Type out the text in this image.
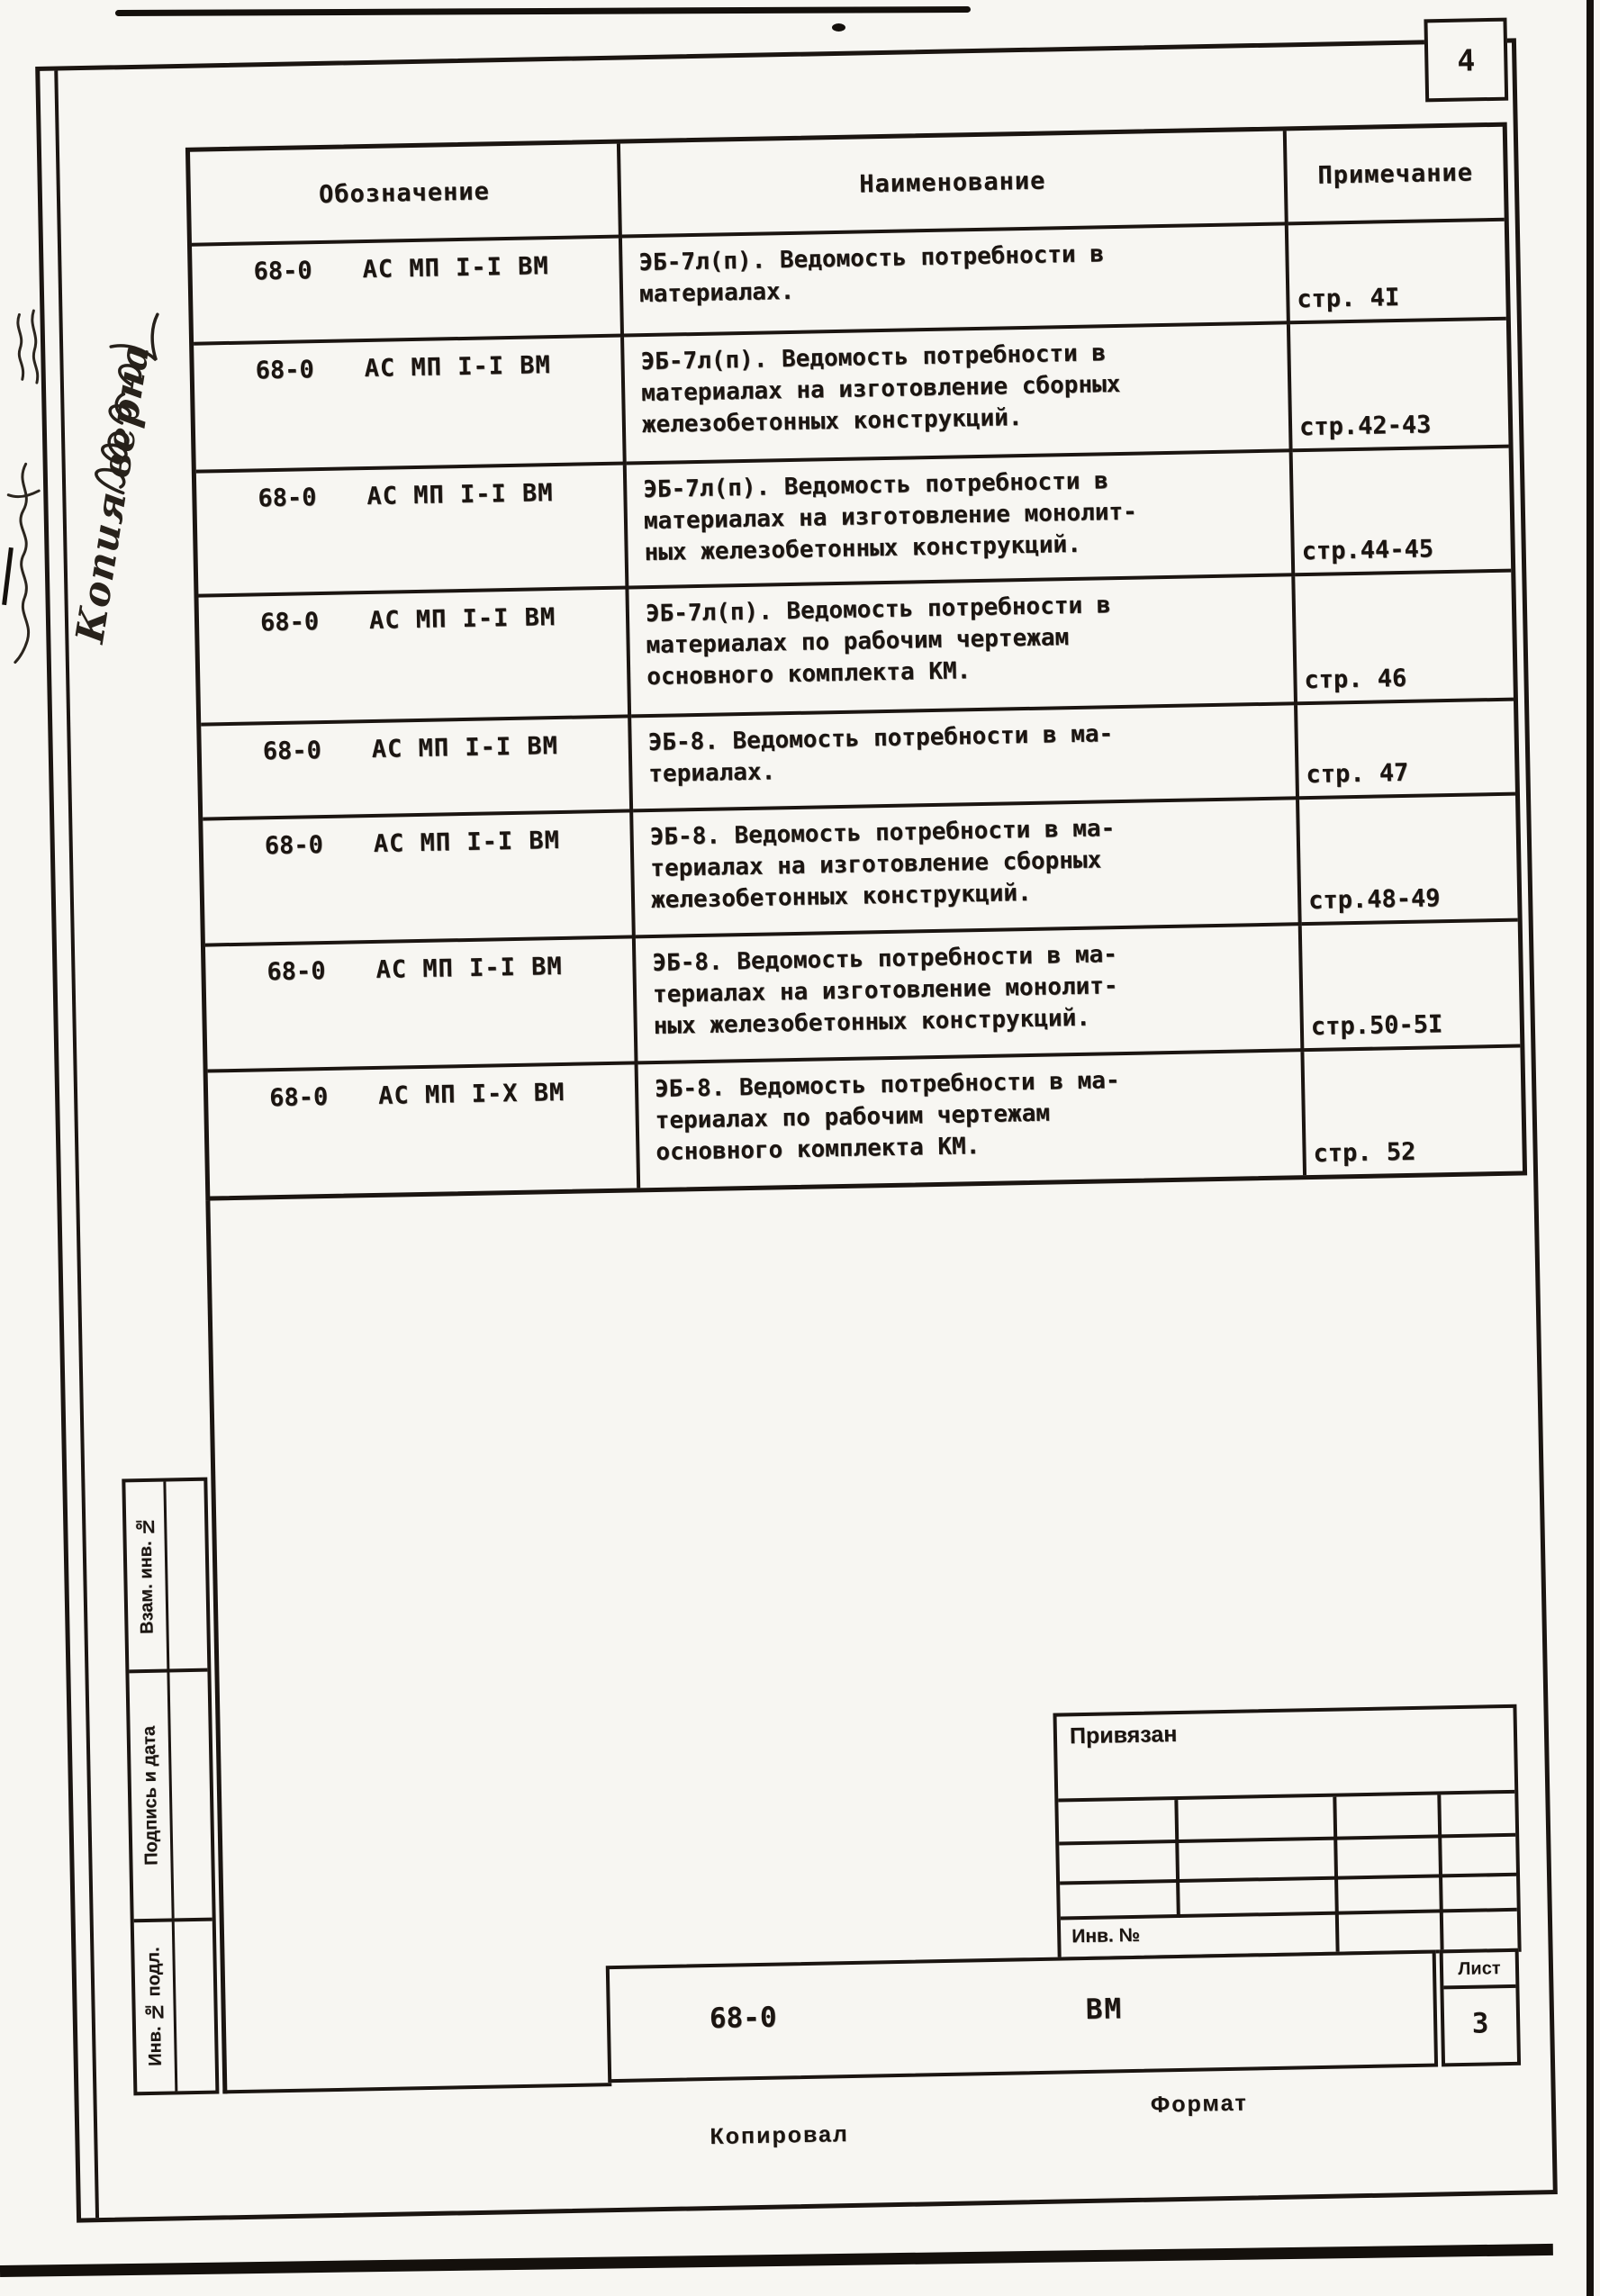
4
Обозначение	Наименование	Примечание
68-0 АС МП I-I ВМ	ЭБ-7л(п). Ведомость потребности в
материалах.	стр. 4I
68-0 АС МП I-I ВМ	ЭБ-7л(п). Ведомость потребности в
материалах на изготовление сборных
железобетонных конструкций.	стр.42-43
68-0 АС МП I-I ВМ	ЭБ-7л(п). Ведомость потребности в
материалах на изготовление монолит-
ных железобетонных конструкций.	стр.44-45
68-0 АС МП I-I ВМ	ЭБ-7л(п). Ведомость потребности в
материалах по рабочим чертежам
основного комплекта КМ.	стр. 46
68-0 АС МП I-I ВМ	ЭБ-8. Ведомость потребности в ма-
териалах.	стр. 47
68-0 АС МП I-I ВМ	ЭБ-8. Ведомость потребности в ма-
териалах на изготовление сборных
железобетонных конструкций.	стр.48-49
68-0 АС МП I-I ВМ	ЭБ-8. Ведомость потребности в ма-
териалах на изготовление монолит-
ных железобетонных конструкций.	стр.50-5I
68-0 АС МП I-X ВМ	ЭБ-8. Ведомость потребности в ма-
териалах по рабочим чертежам
основного комплекта КМ.	стр. 52
Взам. инв. №
Подпись и дата
Инв. № подл.
Привязан
Инв. №
68-0	ВМ
Лист
3
Копировал
Формат
Копия верна
